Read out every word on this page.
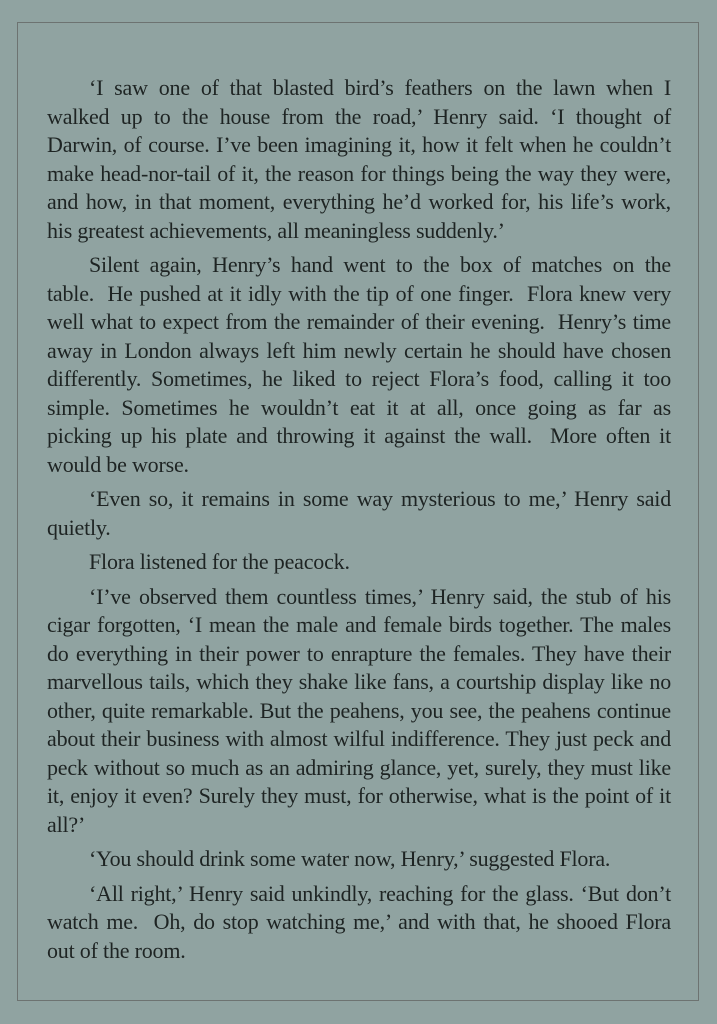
‘I saw one of that blasted bird’s feathers on the lawn when I
walked up to the house from the road,’ Henry said. ‘I thought of
Darwin, of course. I’ve been imagining it, how it felt when he couldn’t
make head-nor-tail of it, the reason for things being the way they were,
and how, in that moment, everything he’d worked for, his life’s work,
his greatest achievements, all meaningless suddenly.’

Silent again, Henry’s hand went to the box of matches on the
table.  He pushed at it idly with the tip of one finger.  Flora knew very
well what to expect from the remainder of their evening.  Henry’s time
away in London always left him newly certain he should have chosen
differently. Sometimes, he liked to reject Flora’s food, calling it too
simple. Sometimes he wouldn’t eat it at all, once going as far as
picking up his plate and throwing it against the wall.  More often it
would be worse.

‘Even so, it remains in some way mysterious to me,’ Henry said
quietly.

Flora listened for the peacock.

‘I’ve observed them countless times,’ Henry said, the stub of his
cigar forgotten, ‘I mean the male and female birds together. The males
do everything in their power to enrapture the females. They have their
marvellous tails, which they shake like fans, a courtship display like no
other, quite remarkable. But the peahens, you see, the peahens continue
about their business with almost wilful indifference. They just peck and
peck without so much as an admiring glance, yet, surely, they must like
it, enjoy it even? Surely they must, for otherwise, what is the point of it
all?’

‘You should drink some water now, Henry,’ suggested Flora.

‘All right,’ Henry said unkindly, reaching for the glass. ‘But don’t
watch me.  Oh, do stop watching me,’ and with that, he shooed Flora
out of the room.
